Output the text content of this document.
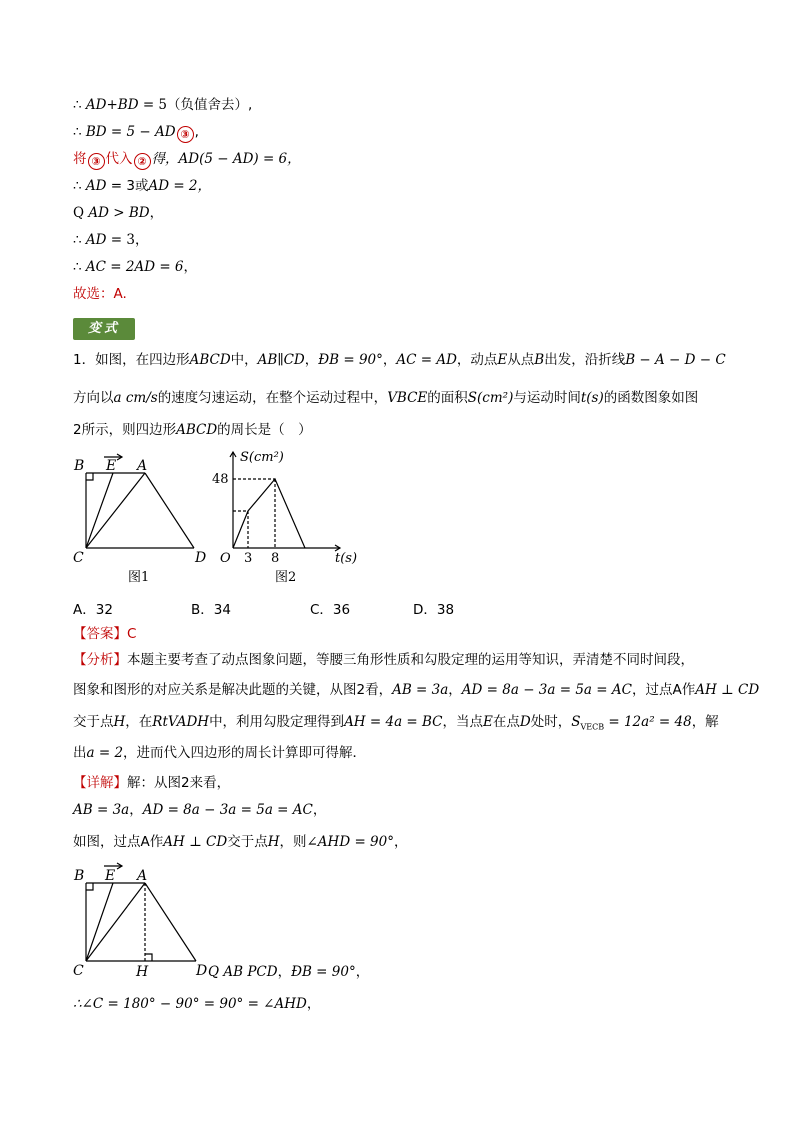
∴ AD+BD = 5（负值舍去）,
∴ BD = 5 − AD ③ ,
将 ③ 代入 ② 得，AD(5 − AD) = 6，
∴ AD = 3或AD = 2，
Q AD > BD，
∴ AD = 3，
∴ AC = 2AD = 6，
故选：A.
变式
1．如图，在四边形ABCD中，AB∥CD，ÐB = 90°，AC = AD，动点E从点B出发，沿折线B − A − D − C
方向以a cm/s的速度匀速运动，在整个运动过程中，VBCE的面积S(cm²)与运动时间t(s)的函数图象如图
2所示，则四边形ABCD的周长是（　）
B E A
C	D
图1
S(cm²)
48
O 3 8	t(s)
图2
A．32	B．34	C．36	D．38
【答案】C
【分析】本题主要考查了动点图象问题，等腰三角形性质和勾股定理的运用等知识，弄清楚不同时间段，
图象和图形的对应关系是解决此题的关键，从图2看，AB = 3a，AD = 8a − 3a = 5a = AC，过点A作AH ⊥ CD
交于点H，在RtVADH中，利用勾股定理得到AH = 4a = BC，当点E在点D处时，$S_{VECB} = 12a^2 = 48$，解
出a = 2，进而代入四边形的周长计算即可得解．
【详解】解：从图2来看，
AB = 3a，AD = 8a − 3a = 5a = AC，
如图，过点A作AH ⊥ CD交于点H，则∠AHD = 90°，
B E A
C	H	D Q AB PCD，ÐB = 90°，
∴∠C = 180° − 90° = 90° = ∠AHD，
